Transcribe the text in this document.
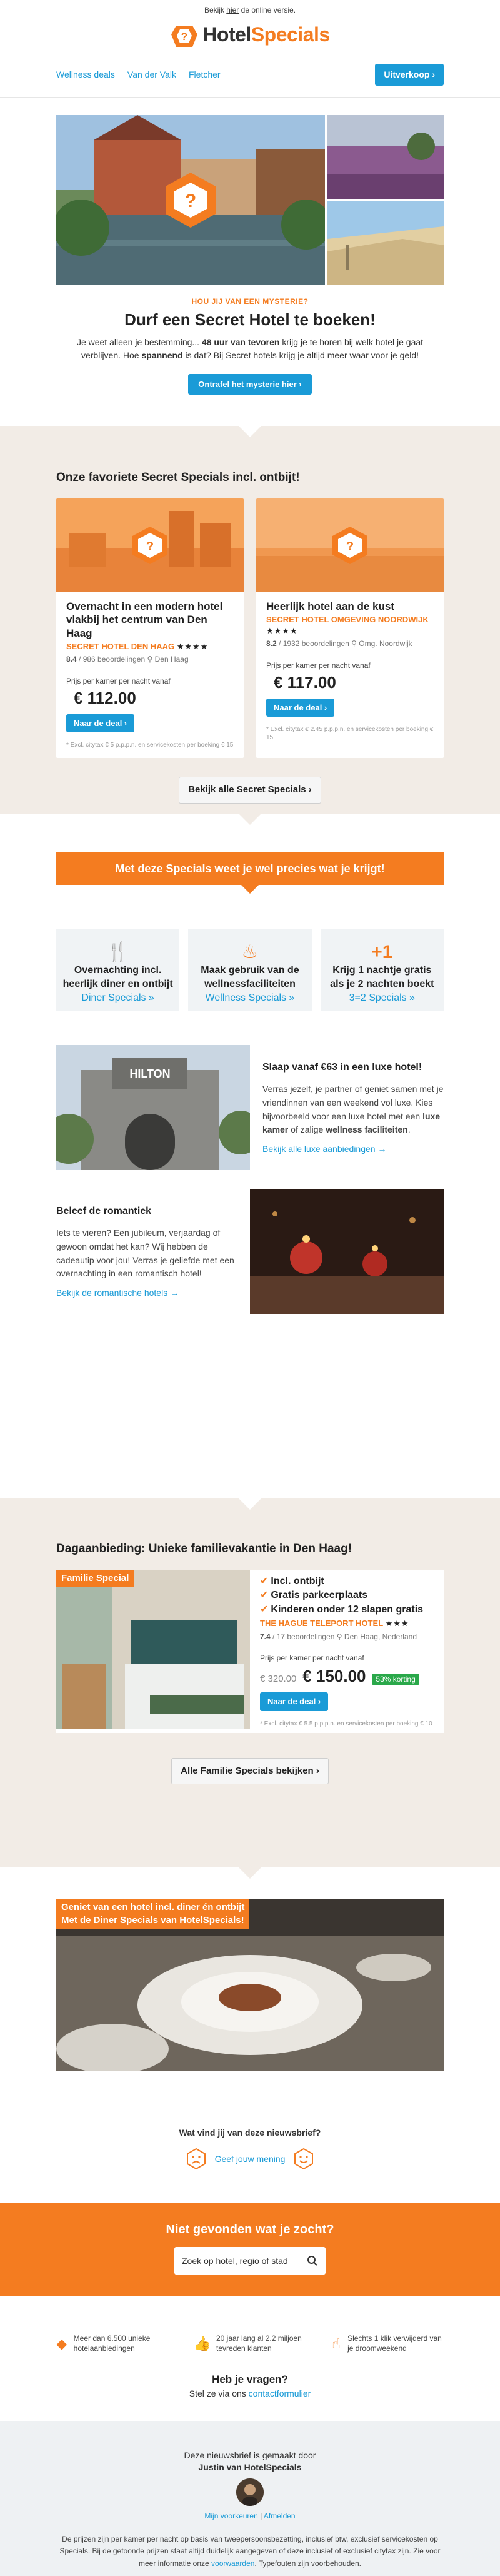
Bekijk hier de online versie.
? HotelSpecials
Wellness deals Van der Valk Fletcher	Uitverkoop ›
?
HOU JIJ VAN EEN MYSTERIE?
Durf een Secret Hotel te boeken!

Je weet alleen je bestemming... 48 uur van tevoren krijg je te horen bij welk hotel je gaat verblijven. Hoe spannend is dat? Bij Secret hotels krijg je altijd meer waar voor je geld!

Ontrafel het mysterie hier ›
Onze favoriete Secret Specials incl. ontbijt!
?
Overnacht in een modern hotel vlakbij het centrum van Den Haag
SECRET HOTEL DEN HAAG ★★★★
8.4 / 986 beoordelingen ⚲ Den Haag
Prijs per kamer per nacht vanaf
€ 112.00
Naar de deal ›
* Excl. citytax € 5 p.p.p.n. en servicekosten per boeking € 15
?
Heerlijk hotel aan de kust
SECRET HOTEL OMGEVING NOORDWIJK ★★★★
8.2 / 1932 beoordelingen ⚲ Omg. Noordwijk
Prijs per kamer per nacht vanaf
€ 117.00
Naar de deal ›
* Excl. citytax € 2.45 p.p.p.n. en servicekosten per boeking € 15
Bekijk alle Secret Specials ›
Met deze Specials weet je wel precies wat je krijgt!
🍴
Overnachting incl. heerlijk diner en ontbijt
Diner Specials »
♨
Maak gebruik van de wellnessfaciliteiten
Wellness Specials »
+1
Krijg 1 nachtje gratis als je 2 nachten boekt
3=2 Specials »
HILTON
Slaap vanaf €63 in een luxe hotel!

Verras jezelf, je partner of geniet samen met je vriendinnen van een weekend vol luxe. Kies bijvoorbeeld voor een luxe hotel met een luxe kamer of zalige wellness faciliteiten.

Bekijk alle luxe aanbiedingen →
Beleef de romantiek

Iets te vieren? Een jubileum, verjaardag of gewoon omdat het kan? Wij hebben de cadeautip voor jou! Verras je geliefde met een overnachting in een romantisch hotel!

Bekijk de romantische hotels →
Dagaanbieding: Unieke familievakantie in Den Haag!
Familie Special	✔ Incl. ontbijt
✔ Gratis parkeerplaats
✔ Kinderen onder 12 slapen gratis
THE HAGUE TELEPORT HOTEL ★★★
7.4 / 17 beoordelingen ⚲ Den Haag, Nederland
Prijs per kamer per nacht vanaf
€ 320.00 € 150.00 53% korting
Naar de deal ›
* Excl. citytax € 5.5 p.p.p.n. en servicekosten per boeking € 10
Alle Familie Specials bekijken ›
Geniet van een hotel incl. diner én ontbijt
Met de Diner Specials van HotelSpecials!
Wat vind jij van deze nieuwsbrief?
Geef jouw mening
Niet gevonden wat je zocht?
Zoek op hotel, regio of stad
◆ Meer dan 6.500 unieke hotelaanbiedingen	👍 20 jaar lang al 2.2 miljoen tevreden klanten	☝ Slechts 1 klik verwijderd van je droomweekend
Heb je vragen?

Stel ze via ons contactformulier

Deze nieuwsbrief is gemaakt door
Justin van HotelSpecials
Mijn voorkeuren | Afmelden
De prijzen zijn per kamer per nacht op basis van tweepersoonsbezetting, inclusief btw, exclusief servicekosten op Specials. Bij de getoonde prijzen staat altijd duidelijk aangegeven of deze inclusief of exclusief citytax zijn. Zie voor meer informatie onze voorwaarden. Typefouten zijn voorbehouden.
